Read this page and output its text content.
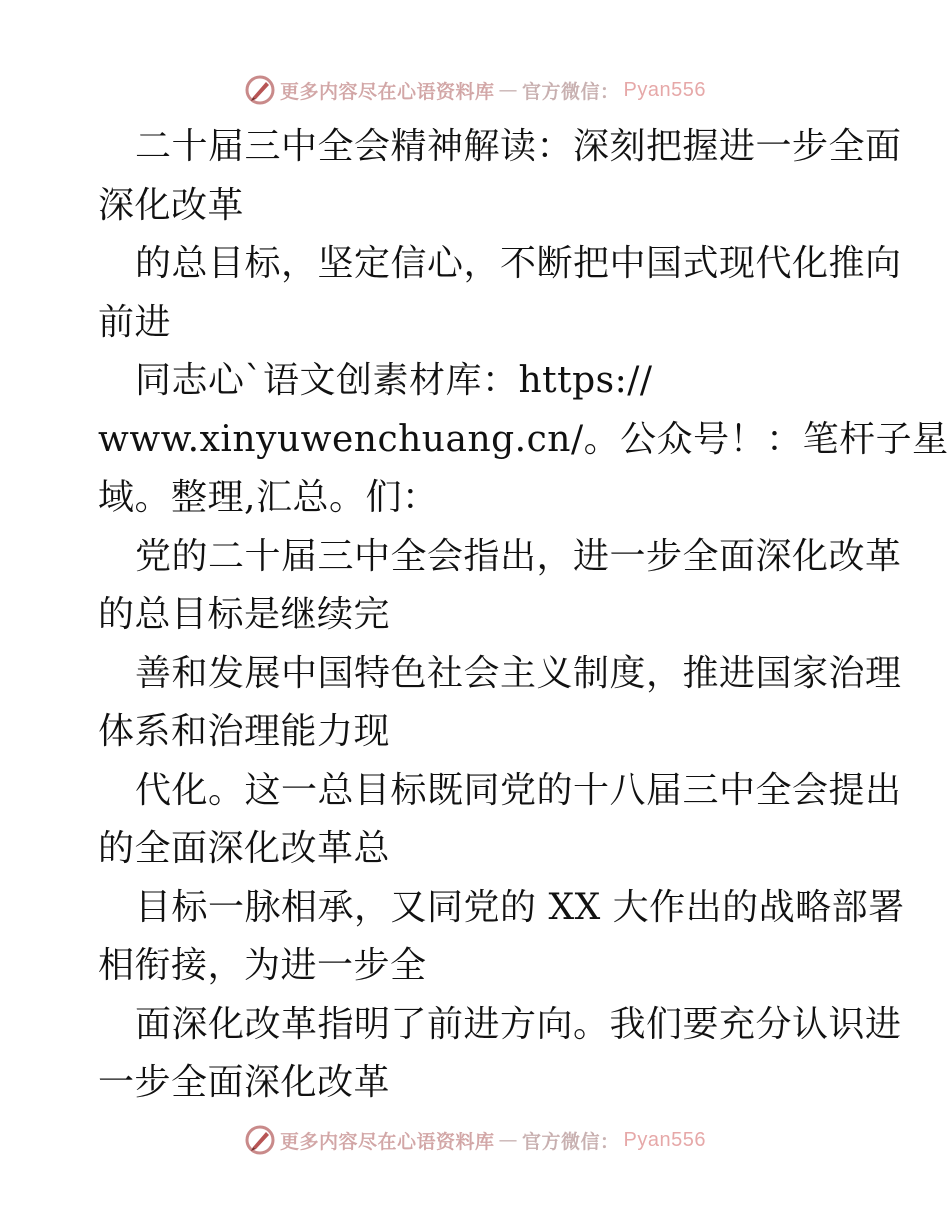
更多内容尽在心语资料库 — 官方微信： Pyan556
二十届三中全会精神解读：深刻把握进一步全面
深化改革
的总目标，坚定信心，不断把中国式现代化推向
前进
同志心`语文创素材库：https://
www.xinyuwenchuang.cn/。公众号！：笔杆子星
域。整理,汇总。们：
党的二十届三中全会指出，进一步全面深化改革
的总目标是继续完
善和发展中国特色社会主义制度，推进国家治理
体系和治理能力现
代化。这一总目标既同党的十八届三中全会提出
的全面深化改革总
目标一脉相承，又同党的 XX 大作出的战略部署
相衔接，为进一步全
面深化改革指明了前进方向。我们要充分认识进
一步全面深化改革
更多内容尽在心语资料库 — 官方微信： Pyan556
